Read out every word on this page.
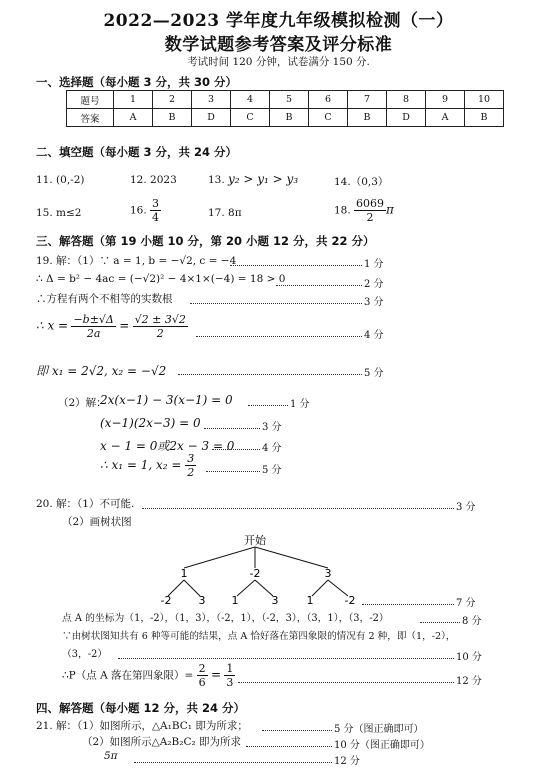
2022—2023 学年度九年级模拟检测（一）
数学试题参考答案及评分标准
考试时间 120 分钟，试卷满分 150 分.
一、选择题（每小题 3 分，共 30 分）
题号	1	2	3	4	5	6	7	8	9	10
答案	A	B	D	C	B	C	B	D	A	B
二、填空题（每小题 3 分，共 24 分）
11. (0,-2)	12. 2023	13. y₂ > y₁ > y₃	14.（0,3）
15. m≤2	16. $\frac{3}{4}$	17. 8π	18. $\frac{6069}{2}$ π
三、解答题（第 19 小题 10 分，第 20 小题 12 分，共 22 分）
19. 解：（1）∵ a = 1, b = −√2, c = −4	1 分
∴ Δ = b² − 4ac = (−√2)² − 4×1×(−4) = 18 > 0	2 分
∴方程有两个不相等的实数根	3 分
∴ $x = \frac{-b\pm√\Delta}{2a} = \frac{√2 \pm 3√2}{2}$	4 分
即 x₁ = 2√2, x₂ = −√2	5 分
（2）解：
2x(x−1) − 3(x−1) = 0	1 分
(x−1)(2x−3) = 0	3 分
x − 1 = 0或2x − 3 = 0	4 分
∴ x₁ = 1, $x_2 = \frac{3}{2}$	5 分
20. 解：（1）不可能.	3 分
（2）画树状图
开始
1	-2	3
-2 3 1	3	1	-2	7 分
点 A 的坐标为（1，-2），（1，3），（-2，1），（-2，3），（3，1），（3，-2）	8 分
∵由树状图知共有 6 种等可能的结果，点 A 恰好落在第四象限的情况有 2 种，即（1，-2），
（3，-2）	10 分
∴P（点 A 落在第四象限）= $\frac{2}{6} = \frac{1}{3}$	12 分
四、解答题（每小题 12 分，共 24 分）
21. 解：（1）如图所示，△A₁BC₁ 即为所求；	5 分（图正确即可）
（2）如图所示△A₂B₂C₂ 即为所求	10 分（图正确即可）
5π	12 分
